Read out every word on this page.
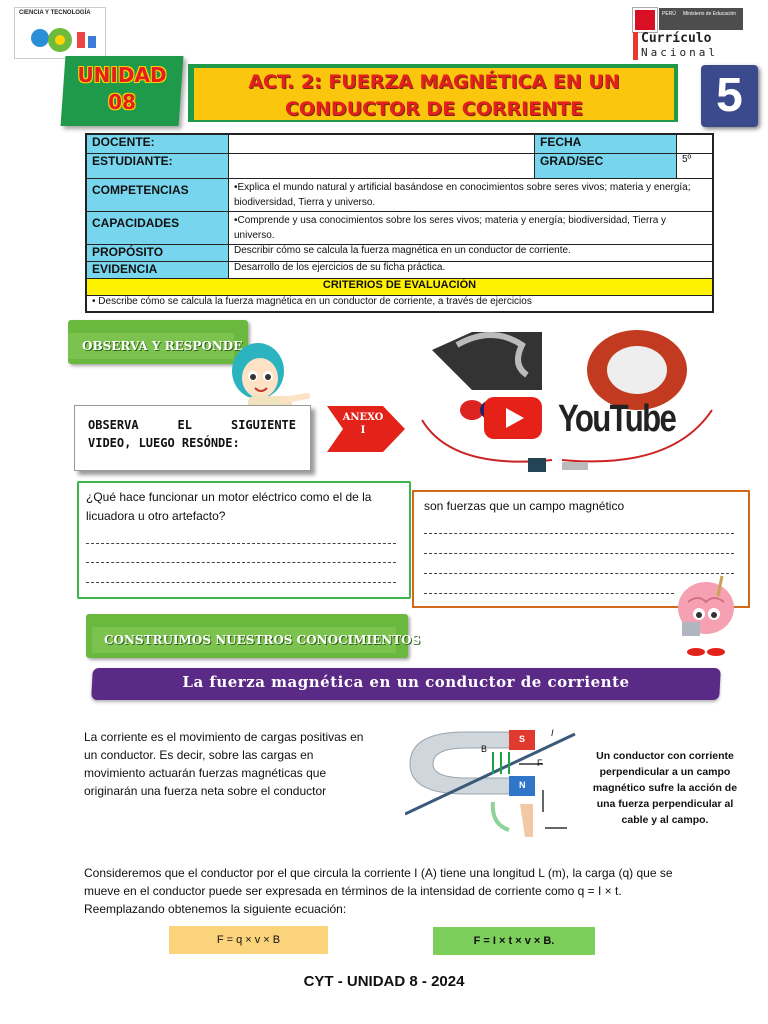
CIENCIA Y TECNOLOGÍA	PERÚ Ministerio de Educación
Currículo
Nacional
UNIDAD
08
ACT. 2: FUERZA MAGNÉTICA EN UN
CONDUCTOR DE CORRIENTE	5
DOCENTE:		FECHA	
ESTUDIANTE:		GRAD/SEC	5º
COMPETENCIAS	•Explica el mundo natural y artificial basándose en conocimientos sobre seres vivos; materia y energía; biodiversidad, Tierra y universo.		
CAPACIDADES	•Comprende y usa conocimientos sobre los seres vivos; materia y energía; biodiversidad, Tierra y universo.		
PROPÓSITO	Describir cómo se calcula la fuerza magnética en un conductor de corriente.		
EVIDENCIA	Desarrollo de los ejercicios de su ficha práctica.		
CRITERIOS DE EVALUACIÓN			
• Describe cómo se calcula la fuerza magnética en un conductor de corriente, a través de ejercicios			
OBSERVA Y RESPONDE
OBSERVA EL SIGUIENTE
VIDEO, LUEGO RESÓNDE:
ANEXO
I	YouTube
¿Qué hace funcionar un motor eléctrico como el de la licuadora u otro artefacto?
son fuerzas que un campo magnético
CONSTRUIMOS NUESTROS CONOCIMIENTOS
La fuerza magnética en un conductor de corriente
La corriente es el movimiento de cargas positivas en un conductor. Es decir, sobre las cargas en movimiento actuarán fuerzas magnéticas que originarán una fuerza neta sobre el conductor
I
B
F
S
N
Un conductor con corriente perpendicular a un campo magnético sufre la acción de una fuerza perpendicular al cable y al campo.
Consideremos que el conductor por el que circula la corriente I (A) tiene una longitud L (m), la carga (q) que se mueve en el conductor puede ser expresada en términos de la intensidad de corriente como q = I × t. Reemplazando obtenemos la siguiente ecuación:
F = q × v × B	F = I × t × v × B.
CYT - UNIDAD 8 - 2024
